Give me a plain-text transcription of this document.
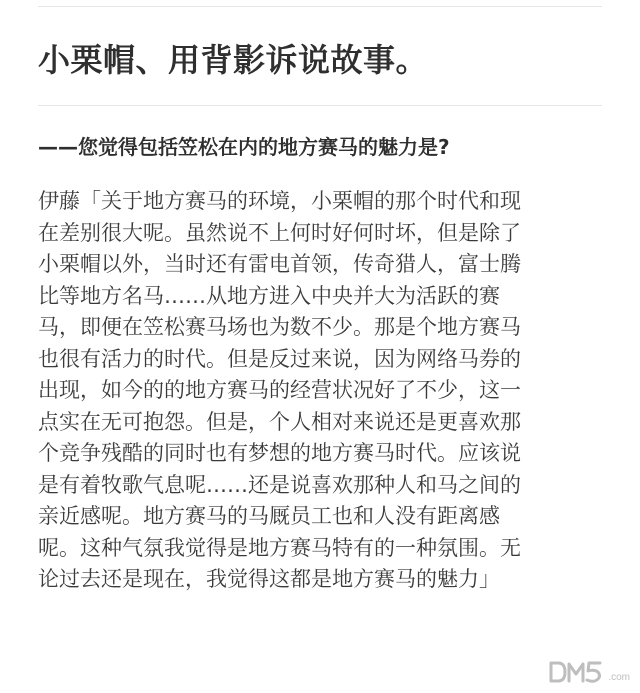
小栗帽、用背影诉说故事。
——您觉得包括笠松在内的地方赛马的魅力是?
伊藤「关于地方赛马的环境，小栗帽的那个时代和现
在差别很大呢。虽然说不上何时好何时坏，但是除了
小栗帽以外，当时还有雷电首领，传奇猎人，富士腾
比等地方名马……从地方进入中央并大为活跃的赛
马，即便在笠松赛马场也为数不少。那是个地方赛马
也很有活力的时代。但是反过来说，因为网络马券的
出现，如今的的地方赛马的经营状况好了不少，这一
点实在无可抱怨。但是，个人相对来说还是更喜欢那
个竞争残酷的同时也有梦想的地方赛马时代。应该说
是有着牧歌气息呢……还是说喜欢那种人和马之间的
亲近感呢。地方赛马的马厩员工也和人没有距离感
呢。这种气氛我觉得是地方赛马特有的一种氛围。无
论过去还是现在，我觉得这都是地方赛马的魅力」
.com
